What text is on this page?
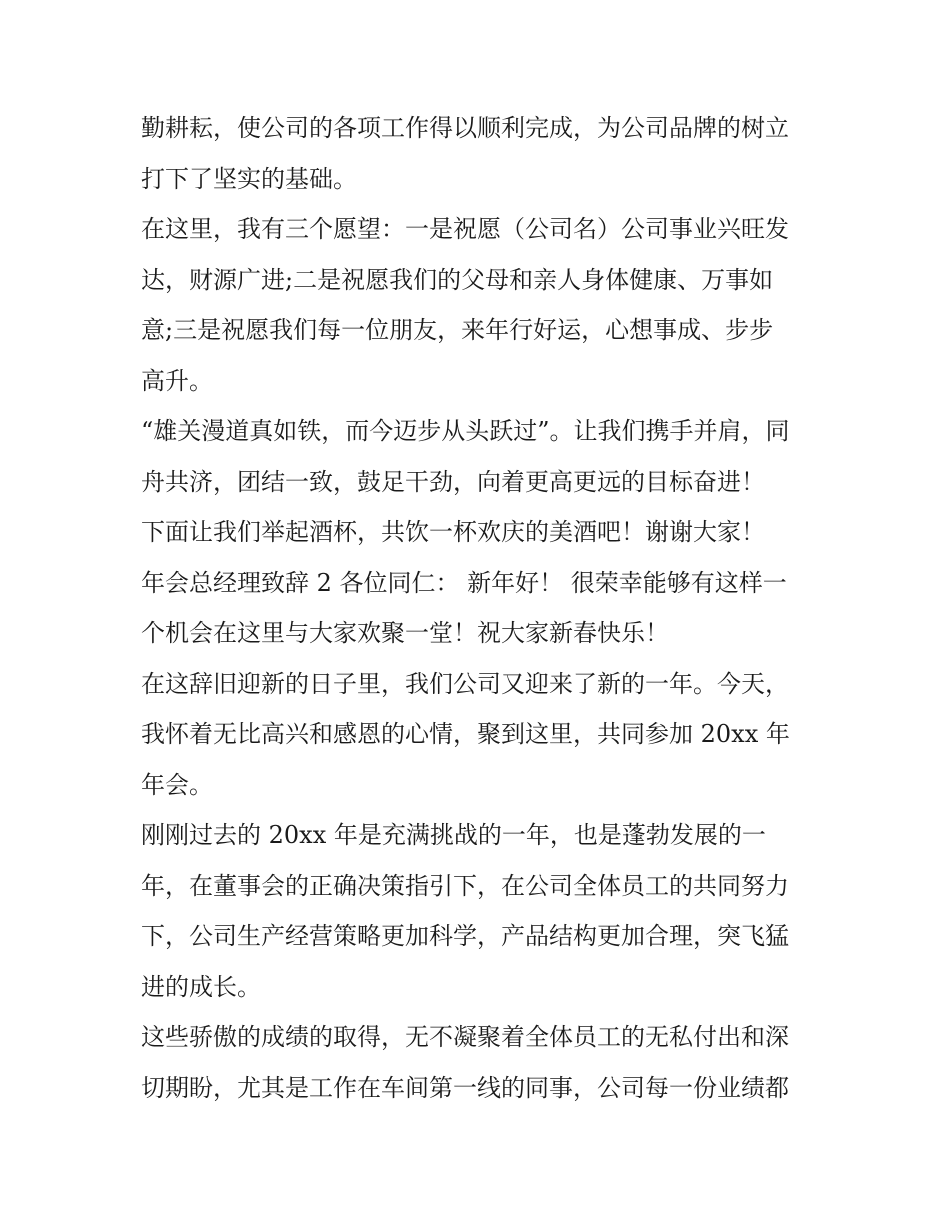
勤耕耘，使公司的各项工作得以顺利完成，为公司品牌的树立
打下了坚实的基础。
在这里，我有三个愿望：一是祝愿（公司名）公司事业兴旺发
达，财源广进;二是祝愿我们的父母和亲人身体健康、万事如
意;三是祝愿我们每一位朋友，来年行好运，心想事成、步步
高升。
“雄关漫道真如铁，而今迈步从头跃过”。让我们携手并肩，同
舟共济，团结一致，鼓足干劲，向着更高更远的目标奋进！
下面让我们举起酒杯，共饮一杯欢庆的美酒吧！谢谢大家！
年会总经理致辞 2 各位同仁： 新年好！ 很荣幸能够有这样一
个机会在这里与大家欢聚一堂！祝大家新春快乐！
在这辞旧迎新的日子里，我们公司又迎来了新的一年。今天，
我怀着无比高兴和感恩的心情，聚到这里，共同参加 20xx 年
年会。
刚刚过去的 20xx 年是充满挑战的一年，也是蓬勃发展的一
年，在董事会的正确决策指引下，在公司全体员工的共同努力
下，公司生产经营策略更加科学，产品结构更加合理，突飞猛
进的成长。
这些骄傲的成绩的取得，无不凝聚着全体员工的无私付出和深
切期盼，尤其是工作在车间第一线的同事，公司每一份业绩都
